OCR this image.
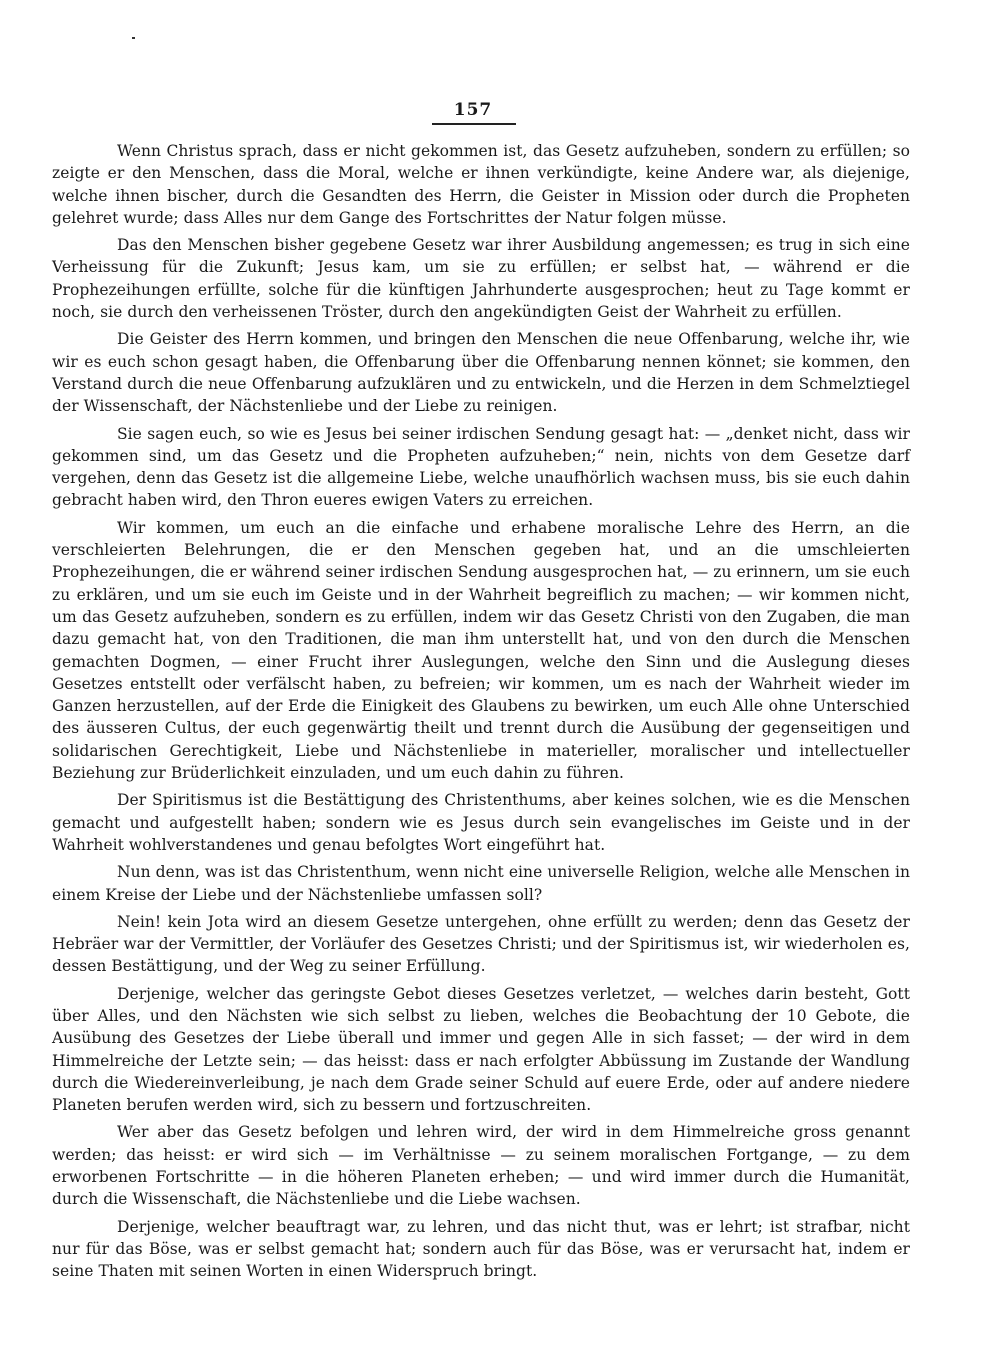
157

Wenn Christus sprach, dass er nicht gekommen ist, das Gesetz aufzuheben, sondern zu erfüllen; so zeigte er den Menschen, dass die Moral, welche er ihnen verkündigte, keine Andere war, als diejenige, welche ihnen bischer, durch die Gesandten des Herrn, die Geister in Mission oder durch die Propheten gelehret wurde; dass Alles nur dem Gange des Fortschrittes der Natur folgen müsse.

Das den Menschen bisher gegebene Gesetz war ihrer Ausbildung angemessen; es trug in sich eine Verheissung für die Zukunft; Jesus kam, um sie zu erfüllen; er selbst hat, — während er die Prophezeihungen erfüllte, solche für die künftigen Jahrhunderte ausgesprochen; heut zu Tage kommt er noch, sie durch den verheissenen Tröster, durch den angekündigten Geist der Wahrheit zu erfüllen.

Die Geister des Herrn kommen, und bringen den Menschen die neue Offenbarung, welche ihr, wie wir es euch schon gesagt haben, die Offenbarung über die Offenbarung nennen könnet; sie kommen, den Verstand durch die neue Offenbarung aufzuklären und zu entwickeln, und die Herzen in dem Schmelztiegel der Wissenschaft, der Nächstenliebe und der Liebe zu reinigen.

Sie sagen euch, so wie es Jesus bei seiner irdischen Sendung gesagt hat: — „denket nicht, dass wir gekommen sind, um das Gesetz und die Propheten aufzuheben;“ nein, nichts von dem Gesetze darf vergehen, denn das Gesetz ist die allgemeine Liebe, welche unaufhörlich wachsen muss, bis sie euch dahin gebracht haben wird, den Thron eueres ewigen Vaters zu erreichen.

Wir kommen, um euch an die einfache und erhabene moralische Lehre des Herrn, an die verschleierten Belehrungen, die er den Menschen gegeben hat, und an die umschleierten Prophezeihungen, die er während seiner irdischen Sendung ausgesprochen hat, — zu erinnern, um sie euch zu erklären, und um sie euch im Geiste und in der Wahrheit begreiflich zu machen; — wir kommen nicht, um das Gesetz aufzuheben, sondern es zu erfüllen, indem wir das Gesetz Christi von den Zugaben, die man dazu gemacht hat, von den Traditionen, die man ihm unterstellt hat, und von den durch die Menschen gemachten Dogmen, — einer Frucht ihrer Auslegungen, welche den Sinn und die Auslegung dieses Gesetzes entstellt oder verfälscht haben, zu befreien; wir kommen, um es nach der Wahrheit wieder im Ganzen herzustellen, auf der Erde die Einigkeit des Glaubens zu bewirken, um euch Alle ohne Unterschied des äusseren Cultus, der euch gegenwärtig theilt und trennt durch die Ausübung der gegenseitigen und solidarischen Gerechtigkeit, Liebe und Nächstenliebe in materieller, moralischer und intellectueller Beziehung zur Brüderlichkeit einzuladen, und um euch dahin zu führen.

Der Spiritismus ist die Bestättigung des Christenthums, aber keines solchen, wie es die Menschen gemacht und aufgestellt haben; sondern wie es Jesus durch sein evangelisches im Geiste und in der Wahrheit wohlverstandenes und genau befolgtes Wort eingeführt hat.

Nun denn, was ist das Christenthum, wenn nicht eine universelle Religion, welche alle Menschen in einem Kreise der Liebe und der Nächstenliebe umfassen soll?

Nein! kein Jota wird an diesem Gesetze untergehen, ohne erfüllt zu werden; denn das Gesetz der Hebräer war der Vermittler, der Vorläufer des Gesetzes Christi; und der Spiritismus ist, wir wiederholen es, dessen Bestättigung, und der Weg zu seiner Erfüllung.

Derjenige, welcher das geringste Gebot dieses Gesetzes verletzet, — welches darin besteht, Gott über Alles, und den Nächsten wie sich selbst zu lieben, welches die Beobachtung der 10 Gebote, die Ausübung des Gesetzes der Liebe überall und immer und gegen Alle in sich fasset; — der wird in dem Himmelreiche der Letzte sein; — das heisst: dass er nach erfolgter Abbüssung im Zustande der Wandlung durch die Wiedereinverleibung, je nach dem Grade seiner Schuld auf euere Erde, oder auf andere niedere Planeten berufen werden wird, sich zu bessern und fortzuschreiten.

Wer aber das Gesetz befolgen und lehren wird, der wird in dem Himmelreiche gross genannt werden; das heisst: er wird sich — im Verhältnisse — zu seinem moralischen Fortgange, — zu dem erworbenen Fortschritte — in die höheren Planeten erheben; — und wird immer durch die Humanität, durch die Wissenschaft, die Nächstenliebe und die Liebe wachsen.

Derjenige, welcher beauftragt war, zu lehren, und das nicht thut, was er lehrt; ist strafbar, nicht nur für das Böse, was er selbst gemacht hat; sondern auch für das Böse, was er verursacht hat, indem er seine Thaten mit seinen Worten in einen Widerspruch bringt.
